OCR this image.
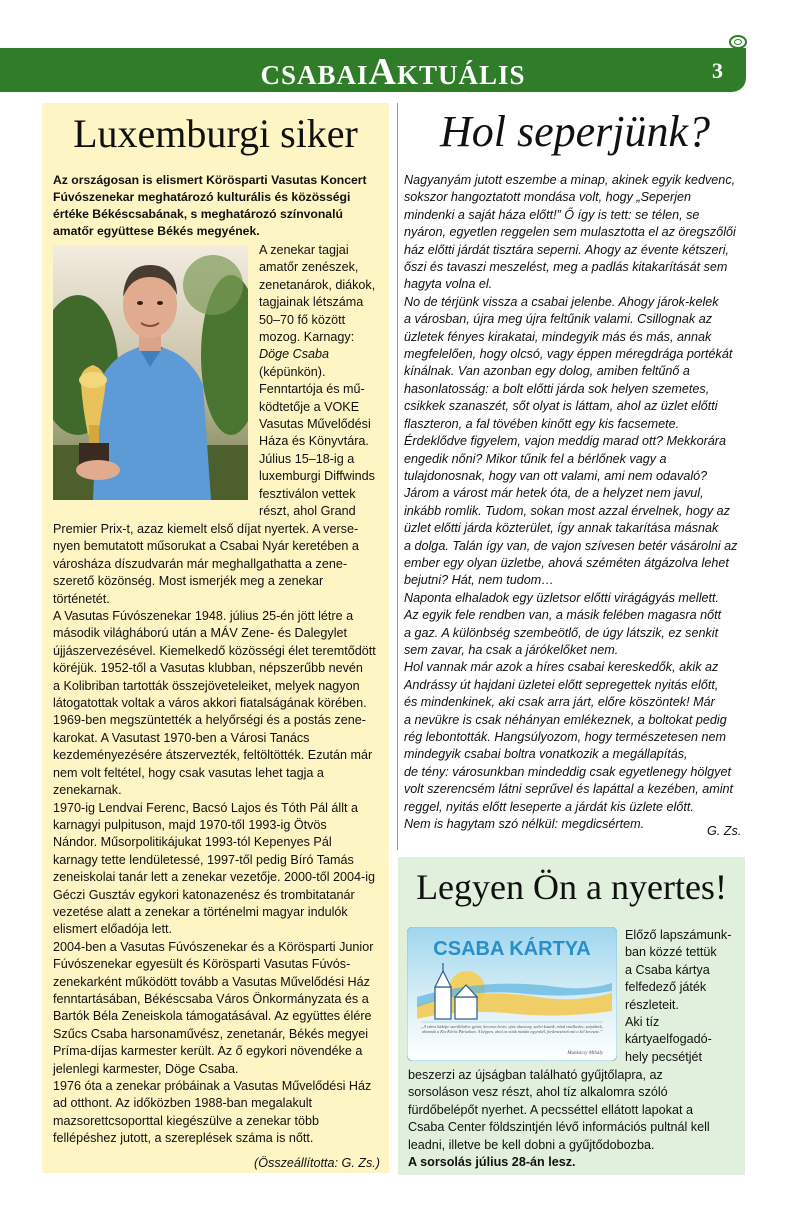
CSABAIAKTUÁLIS	3
Luxemburgi siker
Az országosan is elismert Körösparti Vasutas Koncert Fúvószenekar meghatározó kulturális és közösségi értéke Békéscsabának, s meghatározó színvonalú amatőr együttese Békés megyének.
A zenekar tagjai
amatőr zenészek,
zenetanárok, diákok,
tagjainak létszáma
50–70 fő között
mozog. Karnagy:
Döge Csaba
(képünkön).
Fenntartója és mű-
ködtetője a VOKE
Vasutas Művelődési
Háza és Könyvtára.
Július 15–18-ig a
luxemburgi Diffwinds
fesztiválon vettek
részt, ahol Grand
Premier Prix-t, azaz kiemelt első díjat nyertek. A verse-
nyen bemutatott műsorukat a Csabai Nyár keretében a
városháza díszudvarán már meghallgathatta a zene-
szerető közönség. Most ismerjék meg a zenekar
történetét.
A Vasutas Fúvószenekar 1948. július 25-én jött létre a
második világháború után a MÁV Zene- és Dalegylet
újjászervezésével. Kiemelkedő közösségi élet teremtődött
köréjük. 1952-től a Vasutas klubban, népszerűbb nevén
a Kolibriban tartották összejöveteleiket, melyek nagyon
látogatottak voltak a város akkori fiatalságának körében.
1969-ben megszüntették a helyőrségi és a postás zene-
karokat. A Vasutast 1970-ben a Városi Tanács
kezdeményezésére átszervezték, feltöltötték. Ezután már
nem volt feltétel, hogy csak vasutas lehet tagja a
zenekarnak.
1970-ig Lendvai Ferenc, Bacsó Lajos és Tóth Pál állt a
karnagyi pulpituson, majd 1970-től 1993-ig Ötvös
Nándor. Műsorpolitikájukat 1993-tól Kepenyes Pál
karnagy tette lendületessé, 1997-től pedig Bíró Tamás
zeneiskolai tanár lett a zenekar vezetője. 2000-től 2004-ig
Géczi Gusztáv egykori katonazenész és trombitatanár
vezetése alatt a zenekar a történelmi magyar indulók
elismert előadója lett.
2004-ben a Vasutas Fúvószenekar és a Körösparti Junior
Fúvószenekar egyesült és Körösparti Vasutas Fúvós-
zenekarként működött tovább a Vasutas Művelődési Ház
fenntartásában, Békéscsaba Város Önkormányzata és a
Bartók Béla Zeneiskola támogatásával. Az együttes élére
Szűcs Csaba harsonaművész, zenetanár, Békés megyei
Príma-díjas karmester került. Az ő egykori növendéke a
jelenlegi karmester, Döge Csaba.
1976 óta a zenekar próbáinak a Vasutas Művelődési Ház
ad otthont. Az időközben 1988-ban megalakult
mazsorettcsoporttal kiegészülve a zenekar több
fellépéshez jutott, a szereplések száma is nőtt.
(Összeállította: G. Zs.)
Hol seperjünk?
Nagyanyám jutott eszembe a minap, akinek egyik kedvenc,
sokszor hangoztatott mondása volt, hogy „Seperjen
mindenki a saját háza előtt!” Ő így is tett: se télen, se
nyáron, egyetlen reggelen sem mulasztotta el az öregszőlői
ház előtti járdát tisztára seperni. Ahogy az évente kétszeri,
őszi és tavaszi meszelést, meg a padlás kitakarítását sem
hagyta volna el.
No de térjünk vissza a csabai jelenbe. Ahogy járok-kelek
a városban, újra meg újra feltűnik valami. Csillognak az
üzletek fényes kirakatai, mindegyik más és más, annak
megfelelően, hogy olcsó, vagy éppen méregdrága portékát
kínálnak. Van azonban egy dolog, amiben feltűnő a
hasonlatosság: a bolt előtti járda sok helyen szemetes,
csikkek szanaszét, sőt olyat is láttam, ahol az üzlet előtti
flaszteron, a fal tövében kinőtt egy kis facsemete.
Érdeklődve figyelem, vajon meddig marad ott? Mekkorára
engedik nőni? Mikor tűnik fel a bérlőnek vagy a
tulajdonosnak, hogy van ott valami, ami nem odavaló?
Járom a várost már hetek óta, de a helyzet nem javul,
inkább romlik. Tudom, sokan most azzal érvelnek, hogy az
üzlet előtti járda közterület, így annak takarítása másnak
a dolga. Talán így van, de vajon szívesen betér vásárolni az
ember egy olyan üzletbe, ahová széméten átgázolva lehet
bejutni? Hát, nem tudom…
Naponta elhaladok egy üzletsor előtti virágágyás mellett.
Az egyik fele rendben van, a másik felében magasra nőtt
a gaz. A különbség szembeötlő, de úgy látszik, ez senkit
sem zavar, ha csak a járókelőket nem.
Hol vannak már azok a híres csabai kereskedők, akik az
Andrássy út hajdani üzletei előtt sepregettek nyitás előtt,
és mindenkinek, aki csak arra járt, előre köszöntek! Már
a nevükre is csak néhányan emlékeznek, a boltokat pedig
rég lebontották. Hangsúlyozom, hogy természetesen nem
mindegyik csabai boltra vonatkozik a megállapítás,
de tény: városunkban mindeddig csak egyetlenegy hölgyet
volt szerencsém látni seprűvel és lapáttal a kezében, amint
reggel, nyitás előtt leseperte a járdát kis üzlete előtt.
Nem is hagytam szó nélkül: megdicsértem.	G. Zs.
Legyen Ön a nyertes!
CSABA KÁRTYA
„A város látképe szeráleldése gyönt, hevesen hever, ajnv alacsony, szélei kastók, mind emelkedve, szépülnek, ahonnak a Kis-Körös Párizsban. A képpen, ahol az ottak mottán egyenkél, fordenesének mit a kél kereszte.”
Munkácsy Mihály
Előző lapszámunk-
ban közzé tettük
a Csaba kártya
felfedező játék
részleteit.
Aki tíz
kártyaelfogadó-
hely pecsétjét
beszerzi az újságban található gyűjtőlapra, az
sorsoláson vesz részt, ahol tíz alkalomra szóló
fürdőbelépőt nyerhet. A pecsséttel ellátott lapokat a
Csaba Center földszintjén lévő információs pultnál kell
leadni, illetve be kell dobni a gyűjtődobozba.
A sorsolás július 28-án lesz.
